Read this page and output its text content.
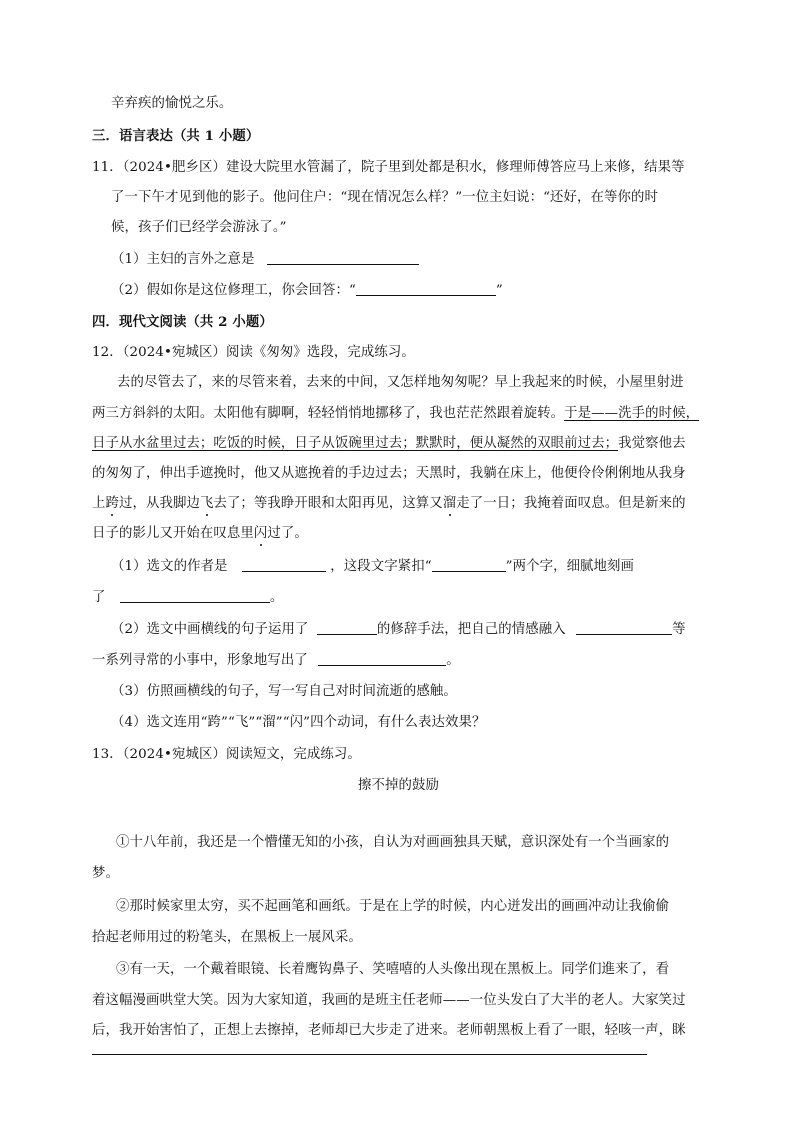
辛弃疾的愉悦之乐。
三．语言表达（共 1 小题）
11．（2024•肥乡区）建设大院里水管漏了，院子里到处都是积水，修理师傅答应马上来修，结果等
了一下午才见到他的影子。他问住户：“现在情况怎么样？”一位主妇说：“还好，在等你的时
候，孩子们已经学会游泳了。”
（1）主妇的言外之意是
（2）假如你是这位修理工，你会回答：“	”
四．现代文阅读（共 2 小题）
12．（2024•宛城区）阅读《匆匆》选段，完成练习。
去的尽管去了，来的尽管来着，去来的中间，又怎样地匆匆呢？早上我起来的时候，小屋里射进
两三方斜斜的太阳。太阳他有脚啊，轻轻悄悄地挪移了，我也茫茫然跟着旋转。于是——洗手的时候，
日子从水盆里过去；吃饭的时候，日子从饭碗里过去；默默时，便从凝然的双眼前过去；我觉察他去
的匆匆了，伸出手遮挽时，他又从遮挽着的手边过去；天黑时，我躺在床上，他便伶伶俐俐地从我身
上跨过，从我脚边飞去了；等我睁开眼和太阳再见，这算又溜走了一日；我掩着面叹息。但是新来的
日子的影儿又开始在叹息里闪过了。
（1）选文的作者是	，这段文字紧扣“	”两个字，细腻地刻画
了	。
（2）选文中画横线的句子运用了	的修辞手法，把自己的情感融入	等
一系列寻常的小事中，形象地写出了	。
（3）仿照画横线的句子，写一写自己对时间流逝的感触。
（4）选文连用“跨”“飞”“溜”“闪”四个动词，有什么表达效果？
13．（2024•宛城区）阅读短文，完成练习。
擦不掉的鼓励
①十八年前，我还是一个懵懂无知的小孩，自认为对画画独具天赋，意识深处有一个当画家的
梦。
②那时候家里太穷，买不起画笔和画纸。于是在上学的时候，内心迸发出的画画冲动让我偷偷
拾起老师用过的粉笔头，在黑板上一展风采。
③有一天，一个戴着眼镜、长着鹰钩鼻子、笑嘻嘻的人头像出现在黑板上。同学们進来了，看
着这幅漫画哄堂大笑。因为大家知道，我画的是班主任老师——一位头发白了大半的老人。大家笑过
后，我开始害怕了，正想上去擦掉，老师却已大步走了进来。老师朝黑板上看了一眼，轻咳一声，眯
